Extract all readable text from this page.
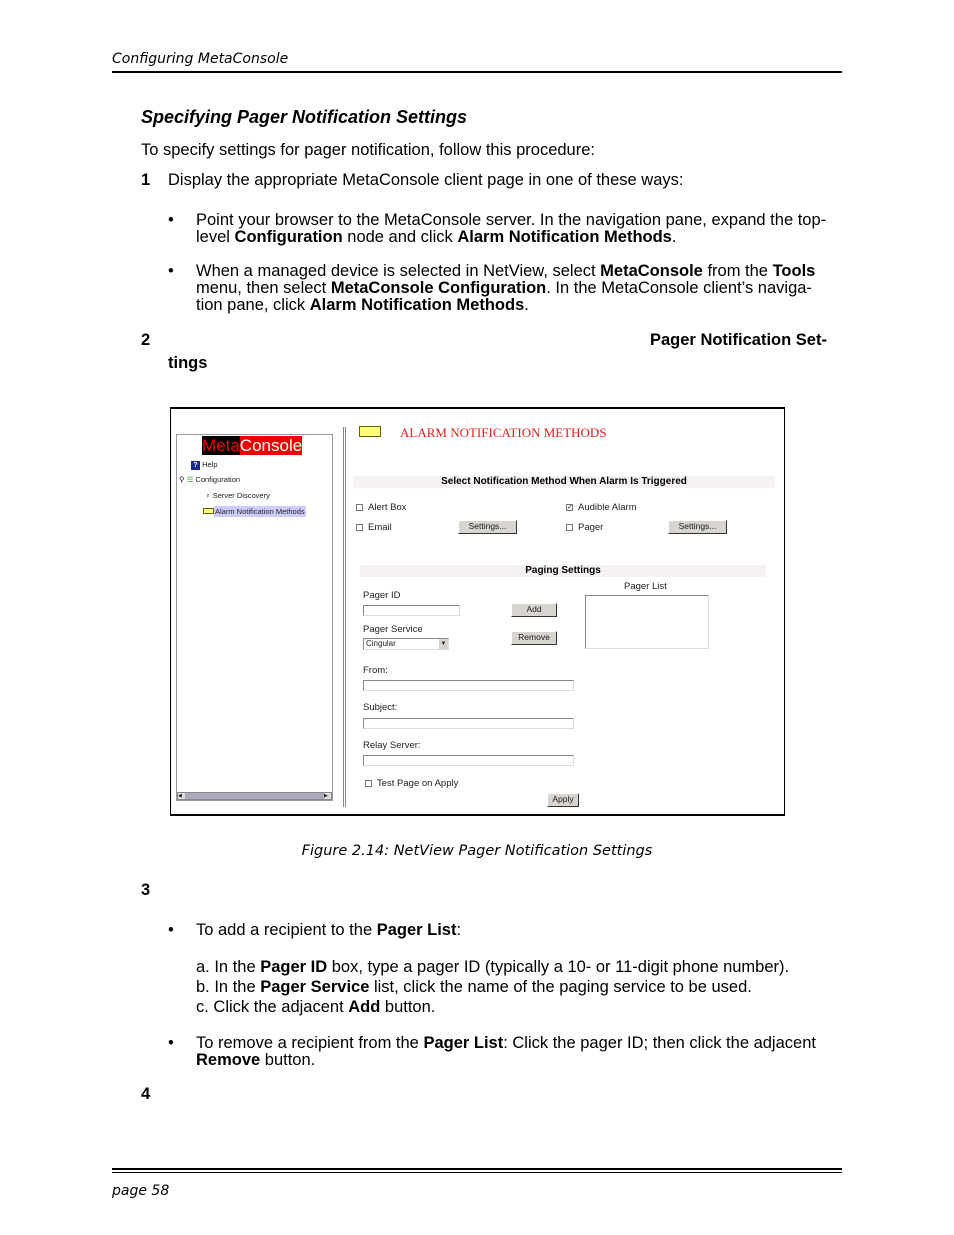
Configuring MetaConsole
Specifying Pager Notification Settings
To specify settings for pager notification, follow this procedure:
1 Display the appropriate MetaConsole client page in one of these ways:
• Point your browser to the MetaConsole server. In the navigation pane, expand the top-
level Configuration node and click Alarm Notification Methods.
• When a managed device is selected in NetView, select MetaConsole from the Tools
menu, then select MetaConsole Configuration. In the MetaConsole client’s naviga-
tion pane, click Alarm Notification Methods.
2	Pager Notification Set-
tings
MetaConsole
? Help
⚲ ☰ Configuration
♀ Server Discovery
Alarm Notification Methods
◀	▶
ALARM NOTIFICATION METHODS
Select Notification Method When Alarm Is Triggered
Alert Box	✓ Audible Alarm
Email	Settings...	Pager	Settings...
Paging Settings
Pager ID
Pager List
Add
Pager Service
Cingular	▼
Remove
From:
Subject:
Relay Server:
Test Page on Apply
Apply
Figure 2.14: NetView Pager Notification Settings
3
• To add a recipient to the Pager List:
a. In the Pager ID box, type a pager ID (typically a 10- or 11-digit phone number).
b. In the Pager Service list, click the name of the paging service to be used.
c. Click the adjacent Add button.
• To remove a recipient from the Pager List: Click the pager ID; then click the adjacent
Remove button.
4
page 58
